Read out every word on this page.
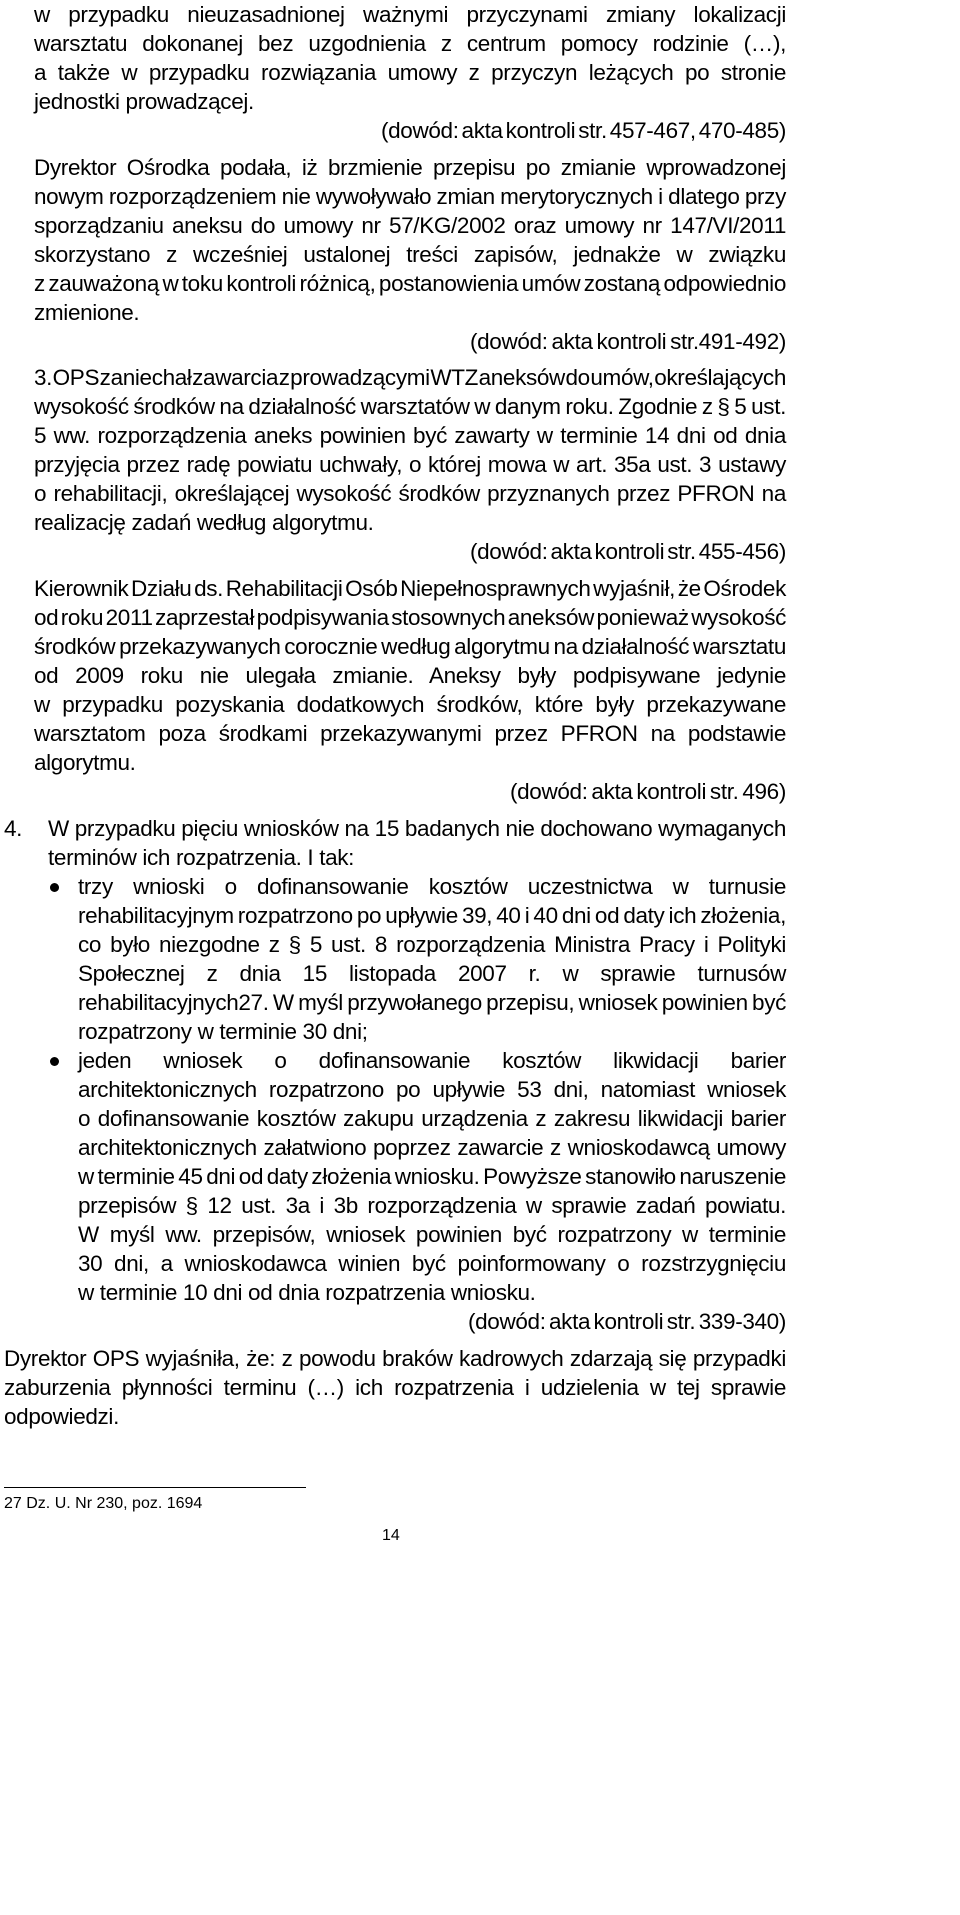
w przypadku nieuzasadnionej ważnymi przyczynami zmiany lokalizacji

warsztatu dokonanej bez uzgodnienia z centrum pomocy rodzinie (…),

a także w przypadku rozwiązania umowy z przyczyn leżących po stronie

jednostki prowadzącej.

(dowód: akta kontroli str. 457-467, 470-485)

Dyrektor Ośrodka podała, iż brzmienie przepisu po zmianie wprowadzonej

nowym rozporządzeniem nie wywoływało zmian merytorycznych i dlatego przy

sporządzaniu aneksu do umowy nr 57/KG/2002 oraz umowy nr 147/VI/2011

skorzystano z wcześniej ustalonej treści zapisów, jednakże w związku

z zauważoną w toku kontroli różnicą, postanowienia umów zostaną odpowiednio

zmienione.

(dowód: akta kontroli str.491-492)

3. OPS zaniechał zawarcia z prowadzącymi WTZ aneksów do umów, określających

wysokość środków na działalność warsztatów w danym roku. Zgodnie z § 5 ust.

5 ww. rozporządzenia aneks powinien być zawarty w terminie 14 dni od dnia

przyjęcia przez radę powiatu uchwały, o której mowa w art. 35a ust. 3 ustawy

o rehabilitacji, określającej wysokość środków przyznanych przez PFRON na

realizację zadań według algorytmu.

(dowód: akta kontroli str. 455-456)

Kierownik Działu ds. Rehabilitacji Osób Niepełnosprawnych wyjaśnił, że Ośrodek

od roku 2011 zaprzestał podpisywania stosownych aneksów ponieważ wysokość

środków przekazywanych corocznie według algorytmu na działalność warsztatu

od 2009 roku nie ulegała zmianie. Aneksy były podpisywane jedynie

w przypadku pozyskania dodatkowych środków, które były przekazywane

warsztatom poza środkami przekazywanymi przez PFRON na podstawie

algorytmu.

(dowód: akta kontroli str. 496)

4. W przypadku pięciu wniosków na 15 badanych nie dochowano wymaganych

terminów ich rozpatrzenia. I tak:

trzy wnioski o dofinansowanie kosztów uczestnictwa w turnusie

rehabilitacyjnym rozpatrzono po upływie 39, 40 i 40 dni od daty ich złożenia,

co było niezgodne z § 5 ust. 8 rozporządzenia Ministra Pracy i Polityki

Społecznej z dnia 15 listopada 2007 r. w sprawie turnusów

rehabilitacyjnych27. W myśl przywołanego przepisu, wniosek powinien być

rozpatrzony w terminie 30 dni;

jeden wniosek o dofinansowanie kosztów likwidacji barier

architektonicznych rozpatrzono po upływie 53 dni, natomiast wniosek

o dofinansowanie kosztów zakupu urządzenia z zakresu likwidacji barier

architektonicznych załatwiono poprzez zawarcie z wnioskodawcą umowy

w terminie 45 dni od daty złożenia wniosku. Powyższe stanowiło naruszenie

przepisów § 12 ust. 3a i 3b rozporządzenia w sprawie zadań powiatu.

W myśl ww. przepisów, wniosek powinien być rozpatrzony w terminie

30 dni, a wnioskodawca winien być poinformowany o rozstrzygnięciu

w terminie 10 dni od dnia rozpatrzenia wniosku.

(dowód: akta kontroli str. 339-340)

Dyrektor OPS wyjaśniła, że: z powodu braków kadrowych zdarzają się przypadki

zaburzenia płynności terminu (…) ich rozpatrzenia i udzielenia w tej sprawie

odpowiedzi.

27 Dz. U. Nr 230, poz. 1694

14
